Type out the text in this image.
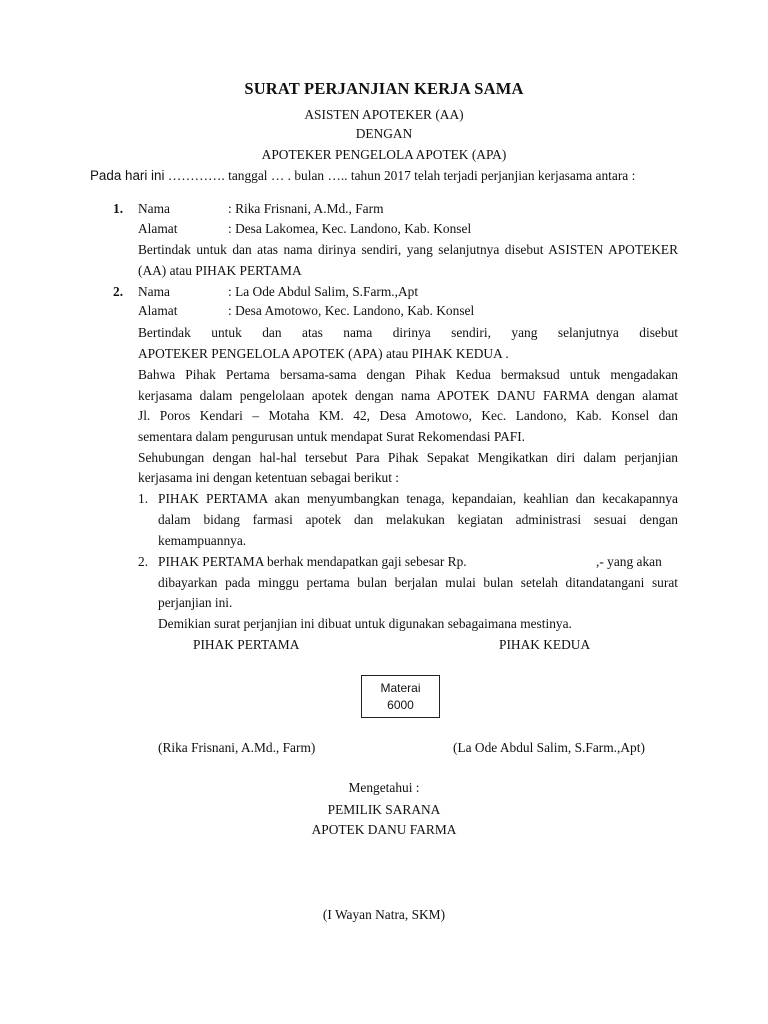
SURAT PERJANJIAN KERJA SAMA
ASISTEN APOTEKER (AA)
DENGAN
APOTEKER PENGELOLA APOTEK (APA)
Pada hari ini …………. tanggal … . bulan ….. tahun 2017 telah terjadi perjanjian kerjasama antara :
1. Nama	: Rika Frisnani, A.Md., Farm
Alamat	: Desa Lakomea, Kec. Landono, Kab. Konsel
Bertindak untuk dan atas nama dirinya sendiri, yang selanjutnya disebut ASISTEN APOTEKER
(AA) atau PIHAK PERTAMA
2. Nama	: La Ode Abdul Salim, S.Farm.,Apt
Alamat	: Desa Amotowo, Kec. Landono, Kab. Konsel
Bertindak untuk dan atas nama dirinya sendiri, yang selanjutnya disebut
APOTEKER PENGELOLA APOTEK (APA) atau PIHAK KEDUA .
Bahwa Pihak Pertama bersama-sama dengan Pihak Kedua bermaksud untuk mengadakan
kerjasama dalam pengelolaan apotek dengan nama APOTEK DANU FARMA dengan alamat
Jl. Poros Kendari – Motaha KM. 42, Desa Amotowo, Kec. Landono, Kab. Konsel dan
sementara dalam pengurusan untuk mendapat Surat Rekomendasi PAFI.
Sehubungan dengan hal-hal tersebut Para Pihak Sepakat Mengikatkan diri dalam perjanjian
kerjasama ini dengan ketentuan sebagai berikut :
1. PIHAK PERTAMA akan menyumbangkan tenaga, kepandaian, keahlian dan kecakapannya
dalam bidang farmasi apotek dan melakukan kegiatan administrasi sesuai dengan
kemampuannya.
2. PIHAK PERTAMA berhak mendapatkan gaji sebesar Rp.	,- yang akan
dibayarkan pada minggu pertama bulan berjalan mulai bulan setelah ditandatangani surat
perjanjian ini.
Demikian surat perjanjian ini dibuat untuk digunakan sebagaimana mestinya.
PIHAK PERTAMA	PIHAK KEDUA
Materai
6000
(Rika Frisnani, A.Md., Farm)	(La Ode Abdul Salim, S.Farm.,Apt)
Mengetahui :
PEMILIK SARANA
APOTEK DANU FARMA
(I Wayan Natra, SKM)
